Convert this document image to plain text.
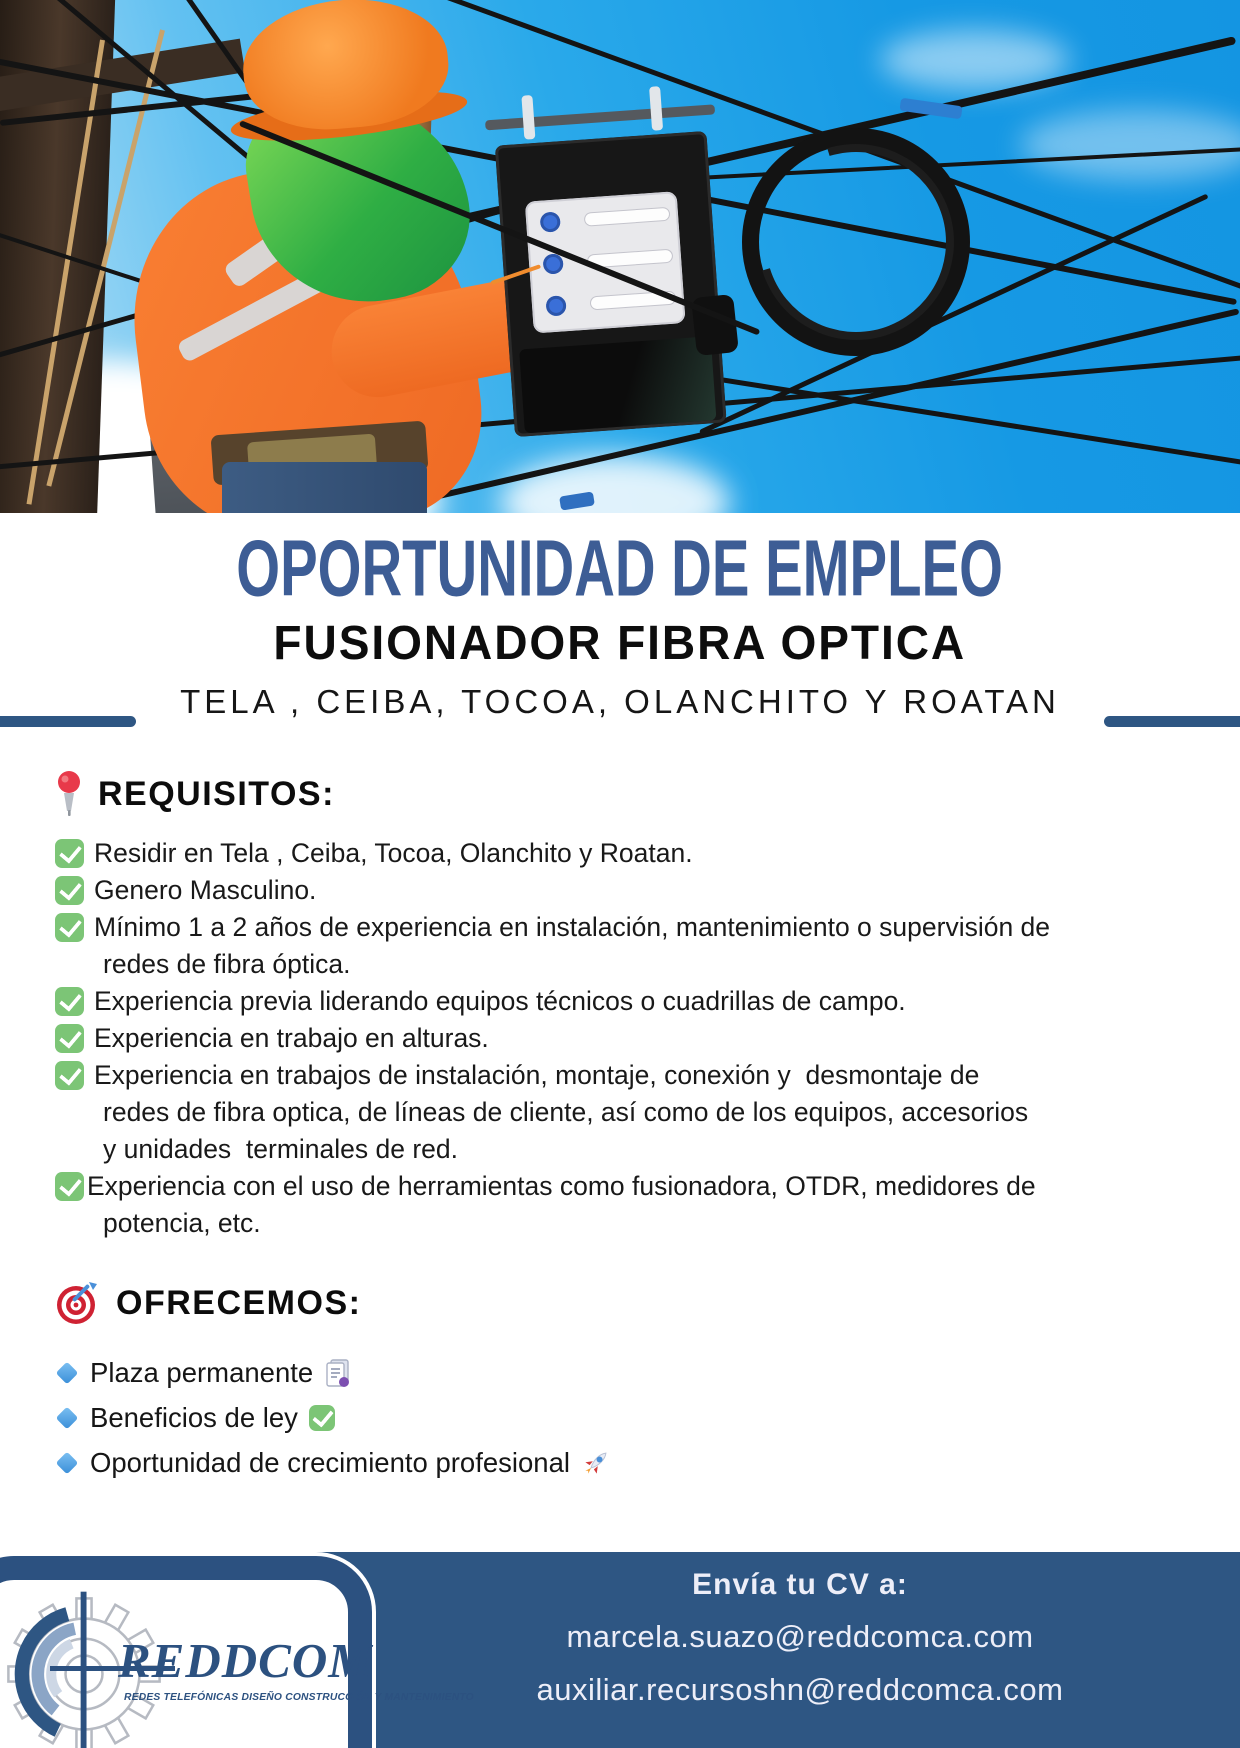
OPORTUNIDAD DE EMPLEO
FUSIONADOR FIBRA OPTICA
TELA , CEIBA, TOCOA, OLANCHITO Y ROATAN
REQUISITOS:
Residir en Tela , Ceiba, Tocoa, Olanchito y Roatan.
Genero Masculino.
Mínimo 1 a 2 años de experiencia en instalación, mantenimiento o supervisión de
redes de fibra óptica.
Experiencia previa liderando equipos técnicos o cuadrillas de campo.
Experiencia en trabajo en alturas.
Experiencia en trabajos de instalación, montaje, conexión y  desmontaje de
redes de fibra optica, de líneas de cliente, así como de los equipos, accesorios
y unidades  terminales de red.
Experiencia con el uso de herramientas como fusionadora, OTDR, medidores de
potencia, etc.
OFRECEMOS:
Plaza permanente
Beneficios de ley
Oportunidad de crecimiento profesional
Envía tu CV a:
marcela.suazo@reddcomca.com
auxiliar.recursoshn@reddcomca.com
REDDCOM
REDES TELEFÓNICAS DISEÑO CONSTRUCCIÓN Y MANTENIMIENTO
